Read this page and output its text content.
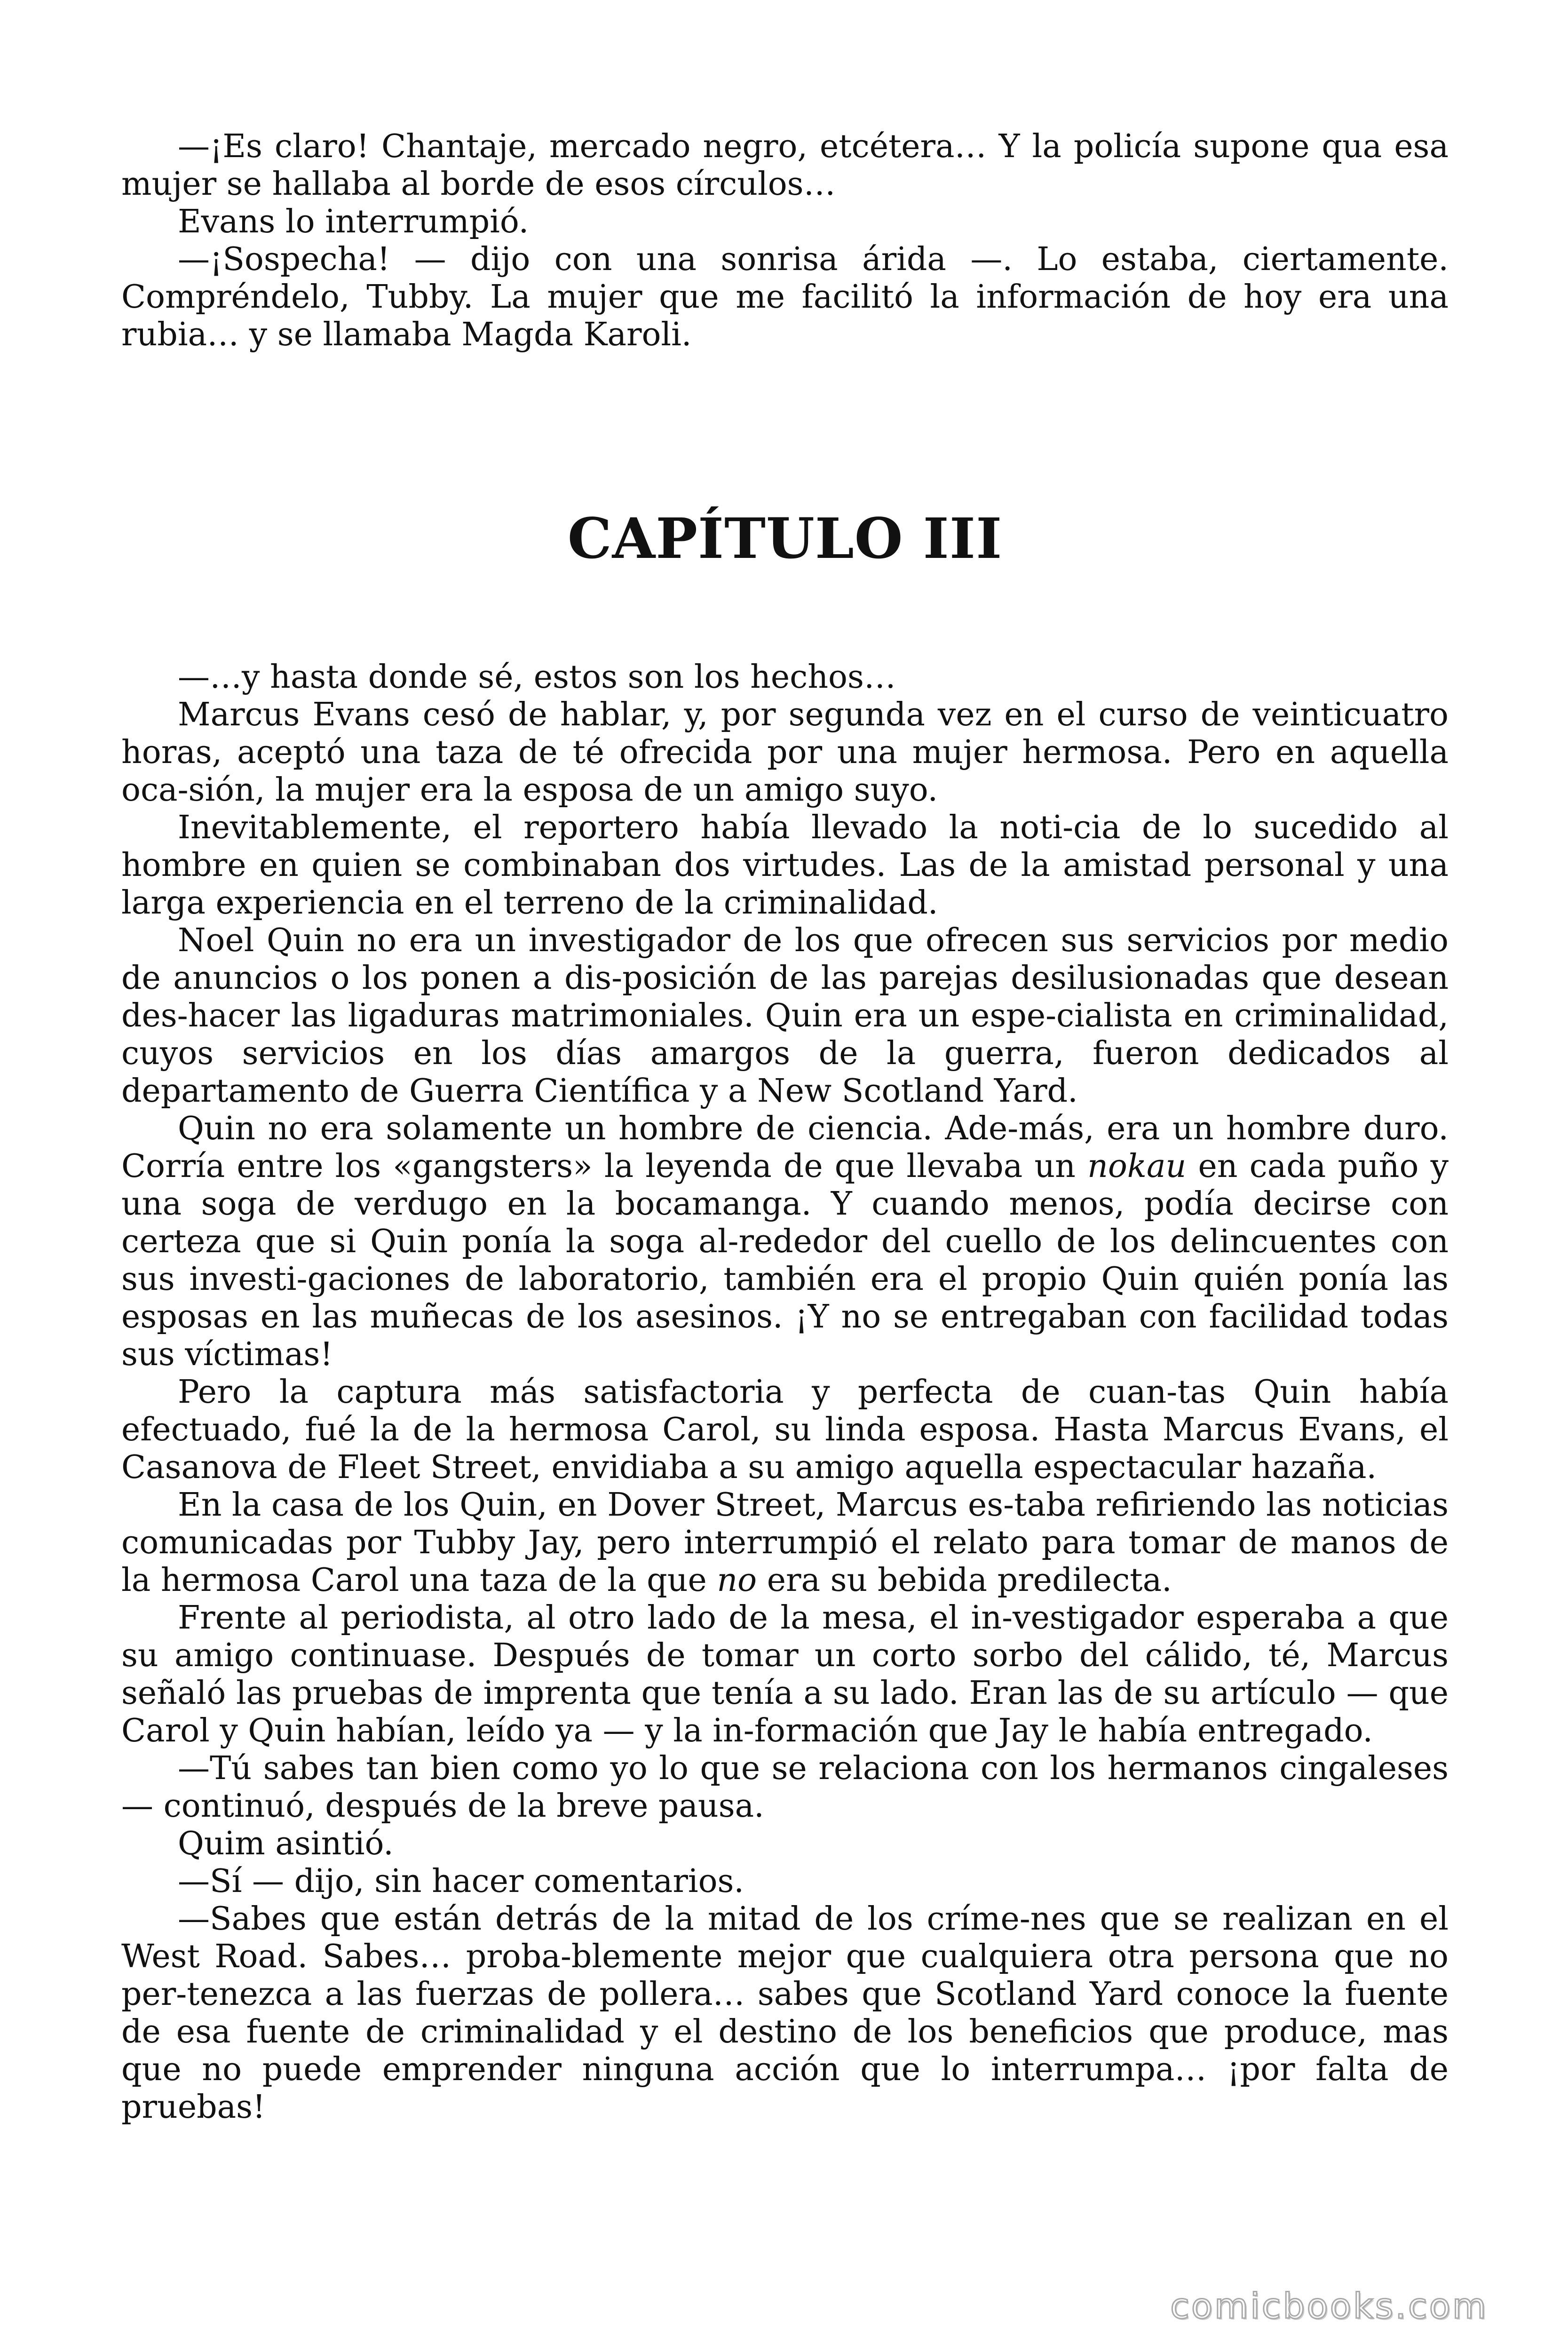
—¡Es claro! Chantaje, mercado negro, etcétera… Y la policía supone qua esa mujer se hallaba al borde de esos círculos…

Evans lo interrumpió.

—¡Sospecha! — dijo con una sonrisa árida —. Lo estaba, ciertamente. Compréndelo, Tubby. La mujer que me facilitó la información de hoy era una rubia… y se llamaba Magda Karoli.

CAPÍTULO III

—…y hasta donde sé, estos son los hechos…

Marcus Evans cesó de hablar, y, por segunda vez en el curso de veinticuatro horas, aceptó una taza de té ofrecida por una mujer hermosa. Pero en aquella oca-sión, la mujer era la esposa de un amigo suyo.

Inevitablemente, el reportero había llevado la noti-cia de lo sucedido al hombre en quien se combinaban dos virtudes. Las de la amistad personal y una larga experiencia en el terreno de la criminalidad.

Noel Quin no era un investigador de los que ofrecen sus servicios por medio de anuncios o los ponen a dis-posición de las parejas desilusionadas que desean des-hacer las ligaduras matrimoniales. Quin era un espe-cialista en criminalidad, cuyos servicios en los días amargos de la guerra, fueron dedicados al departamento de Guerra Científica y a New Scotland Yard.

Quin no era solamente un hombre de ciencia. Ade-más, era un hombre duro. Corría entre los «gangsters» la leyenda de que llevaba un nokau en cada puño y una soga de verdugo en la bocamanga. Y cuando menos, podía decirse con certeza que si Quin ponía la soga al-rededor del cuello de los delincuentes con sus investi-gaciones de laboratorio, también era el propio Quin quién ponía las esposas en las muñecas de los asesinos. ¡Y no se entregaban con facilidad todas sus víctimas!

Pero la captura más satisfactoria y perfecta de cuan-tas Quin había efectuado, fué la de la hermosa Carol, su linda esposa. Hasta Marcus Evans, el Casanova de Fleet Street, envidiaba a su amigo aquella espectacular hazaña.

En la casa de los Quin, en Dover Street, Marcus es-taba refiriendo las noticias comunicadas por Tubby Jay, pero interrumpió el relato para tomar de manos de la hermosa Carol una taza de la que no era su bebida predilecta.

Frente al periodista, al otro lado de la mesa, el in-vestigador esperaba a que su amigo continuase. Después de tomar un corto sorbo del cálido, té, Marcus señaló las pruebas de imprenta que tenía a su lado. Eran las de su artículo — que Carol y Quin habían, leído ya — y la in-formación que Jay le había entregado.

—Tú sabes tan bien como yo lo que se relaciona con los hermanos cingaleses — continuó, después de la breve pausa.

Quim asintió.

—Sí — dijo, sin hacer comentarios.

—Sabes que están detrás de la mitad de los críme-nes que se realizan en el West Road. Sabes… proba-blemente mejor que cualquiera otra persona que no per-tenezca a las fuerzas de pollera… sabes que Scotland Yard conoce la fuente de esa fuente de criminalidad y el destino de los beneficios que produce, mas que no puede emprender ninguna acción que lo interrumpa… ¡por falta de pruebas!

comicbooks.com
